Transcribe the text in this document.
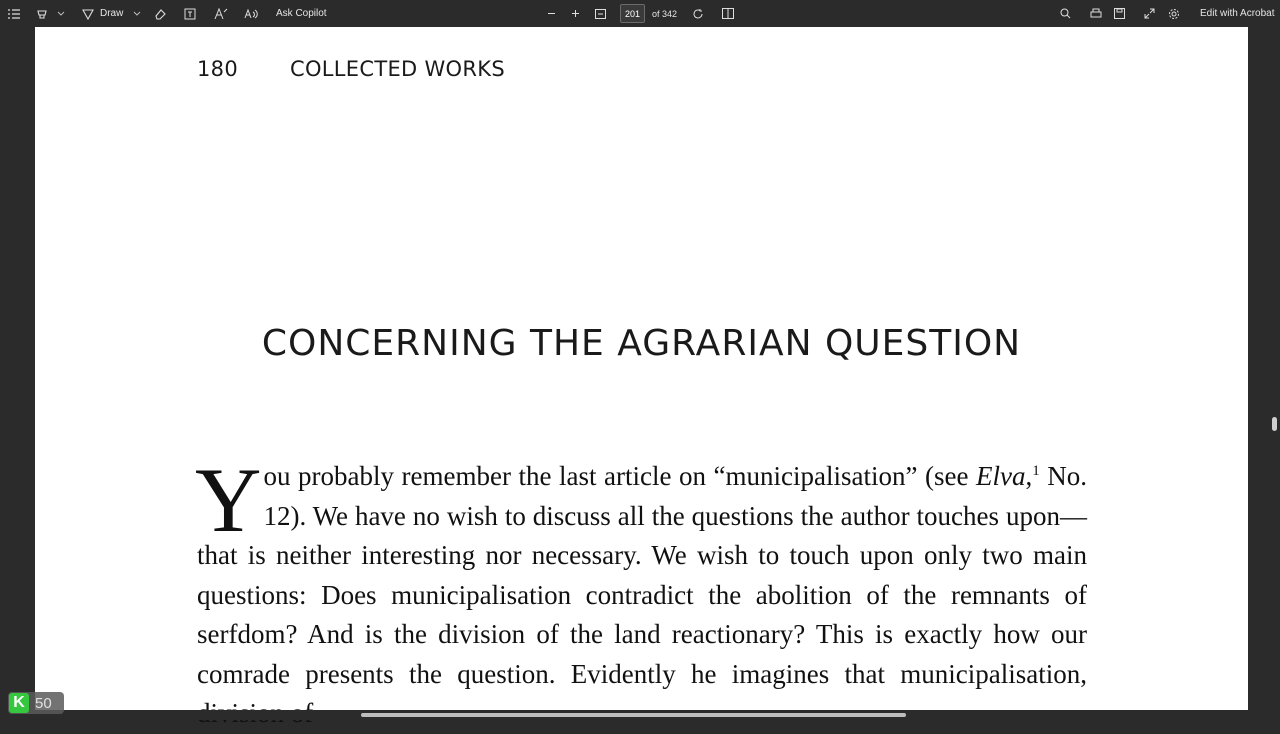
Draw	Ask Copilot	201	of 342	Edit with Acrobat
180 COLLECTED WORKS
CONCERNING THE AGRARIAN QUESTION
You probably remember the last article on “municipalisation” (see Elva,$^1$ No. 12). We have no wish to discuss all the questions the author touches upon—that is neither interesting nor necessary. We wish to touch upon only two main questions: Does municipalisation contradict the abolition of the remnants of serfdom? And is the division of the land reactionary? This is exactly how our comrade presents the question. Evidently he imagines that municipalisation,
K 50
